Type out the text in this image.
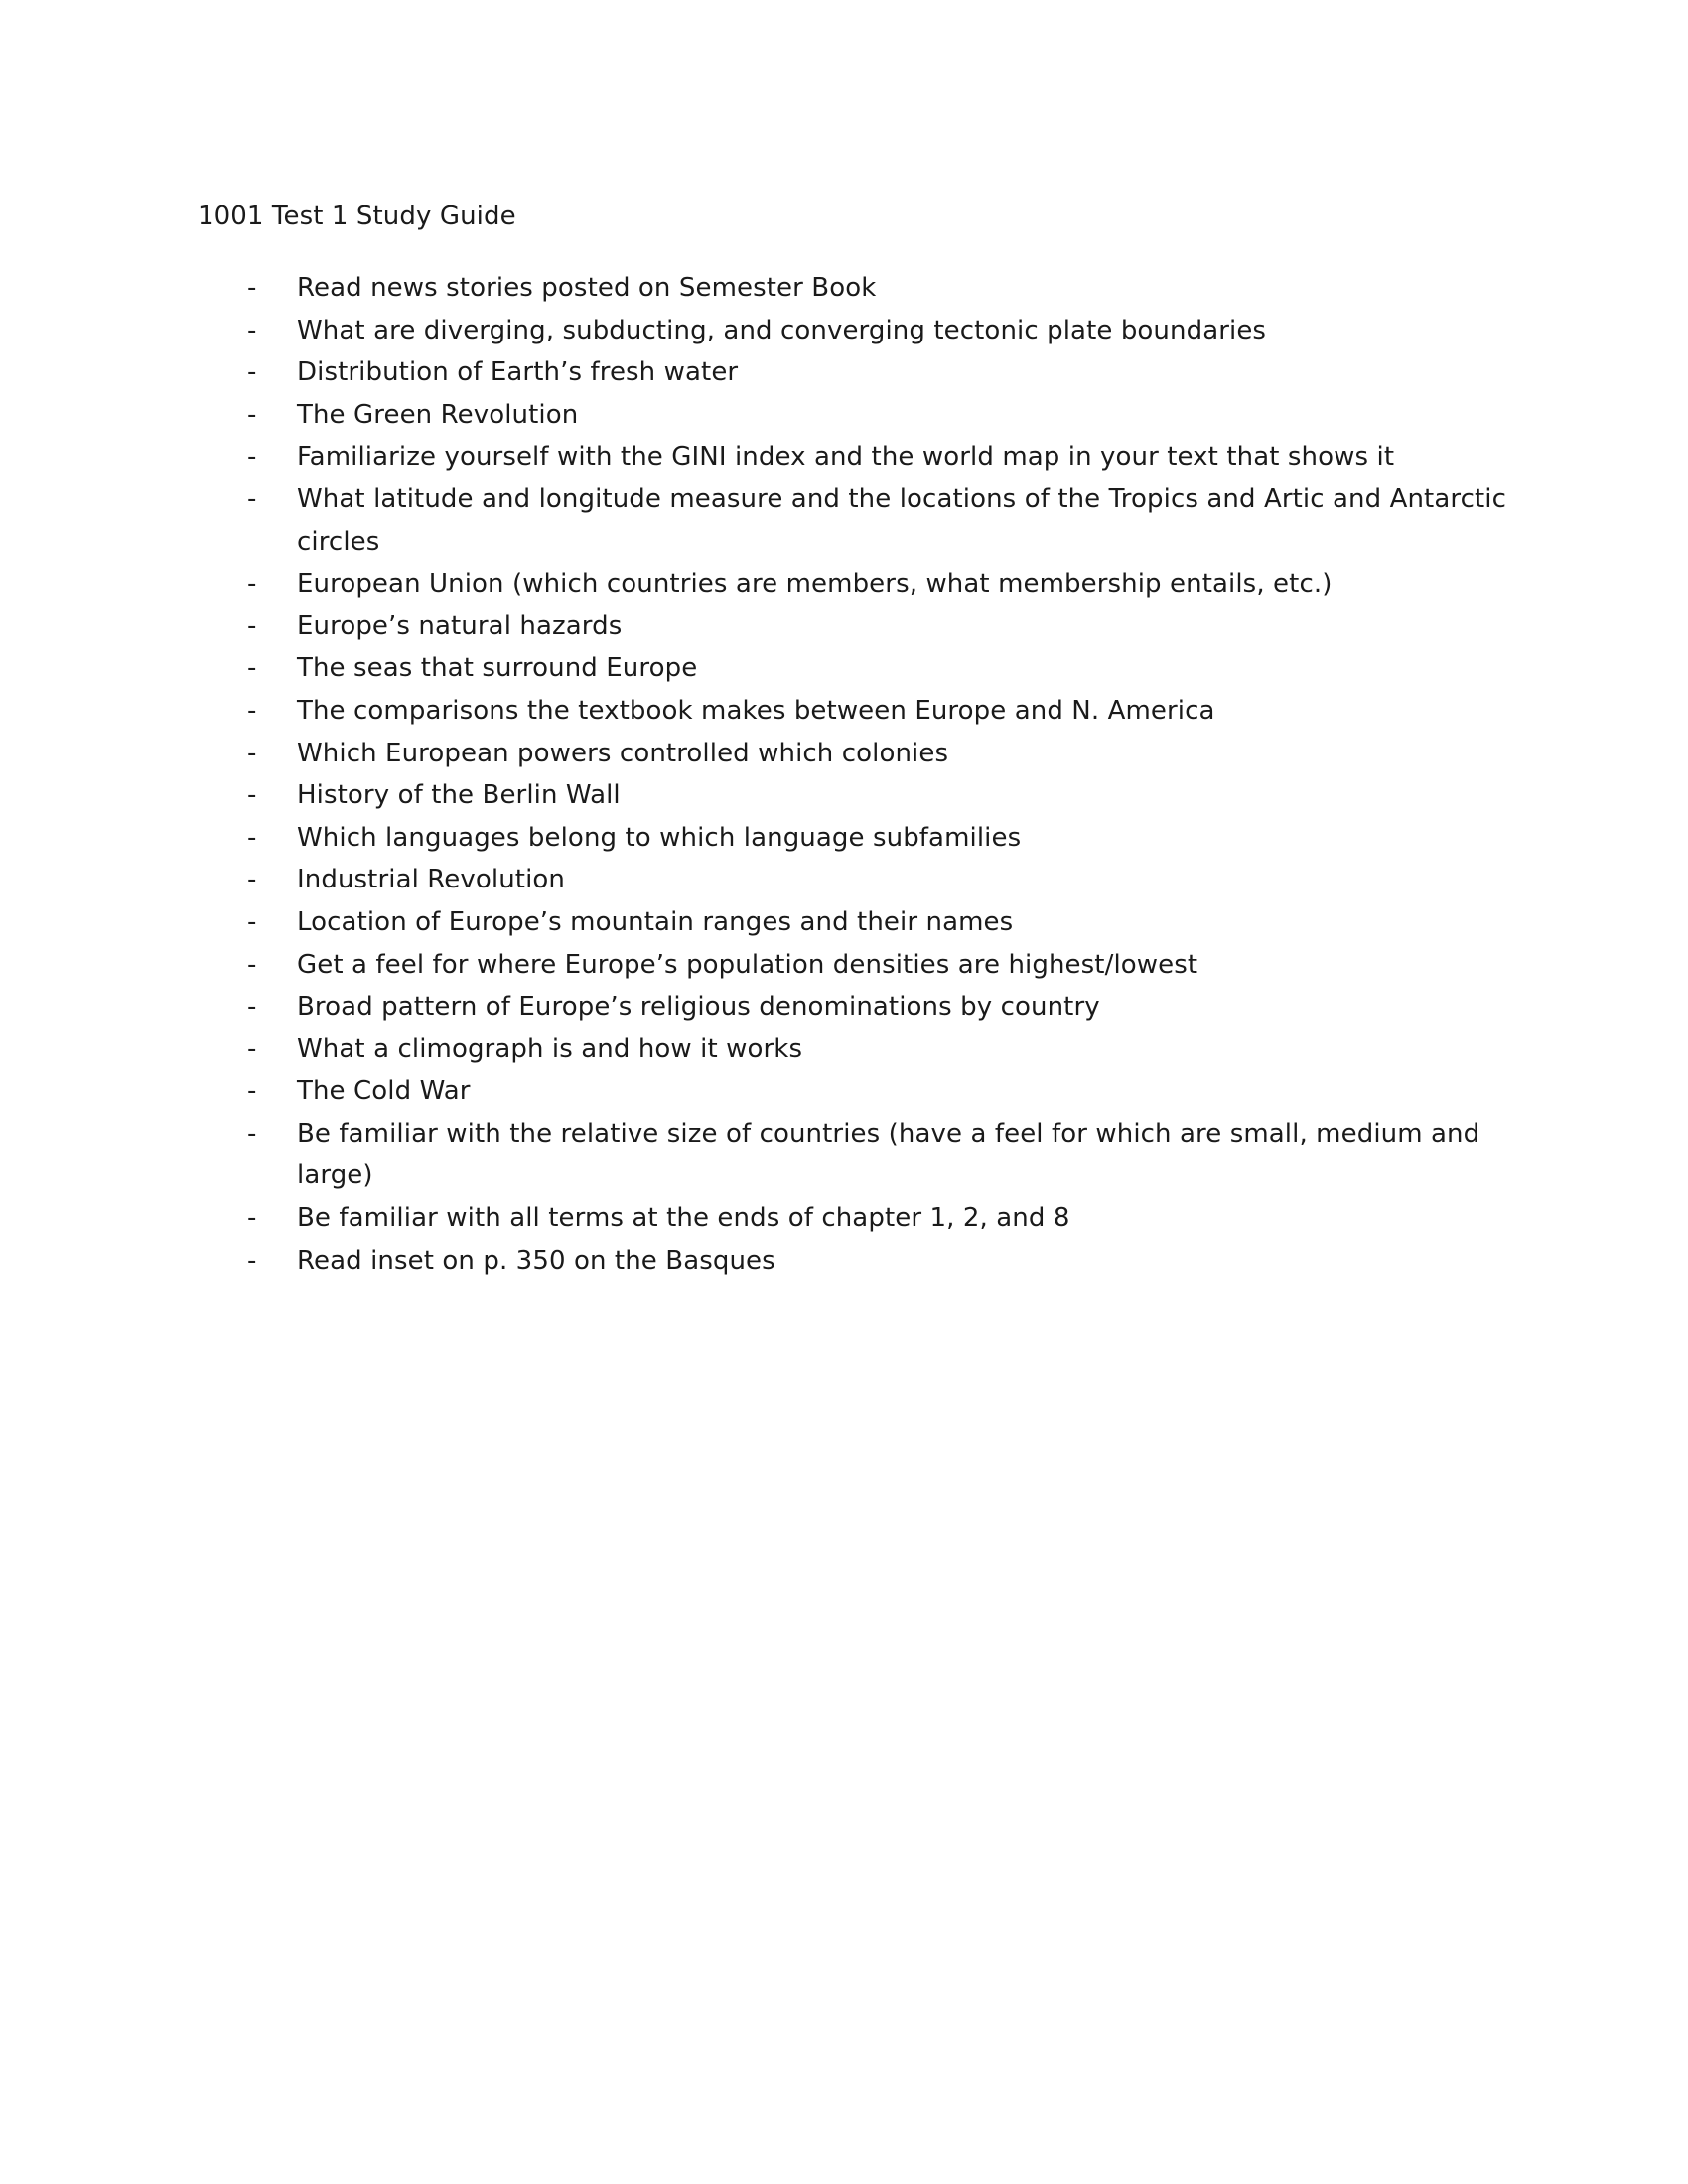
1001 Test 1 Study Guide
- Read news stories posted on Semester Book
- What are diverging, subducting, and converging tectonic plate boundaries
- Distribution of Earth’s fresh water
- The Green Revolution
- Familiarize yourself with the GINI index and the world map in your text that shows it
- What latitude and longitude measure and the locations of the Tropics and Artic and Antarctic circles
- European Union (which countries are members, what membership entails, etc.)
- Europe’s natural hazards
- The seas that surround Europe
- The comparisons the textbook makes between Europe and N. America
- Which European powers controlled which colonies
- History of the Berlin Wall
- Which languages belong to which language subfamilies
- Industrial Revolution
- Location of Europe’s mountain ranges and their names
- Get a feel for where Europe’s population densities are highest/lowest
- Broad pattern of Europe’s religious denominations by country
- What a climograph is and how it works
- The Cold War
- Be familiar with the relative size of countries (have a feel for which are small, medium and large)
- Be familiar with all terms at the ends of chapter 1, 2, and 8
- Read inset on p. 350 on the Basques
